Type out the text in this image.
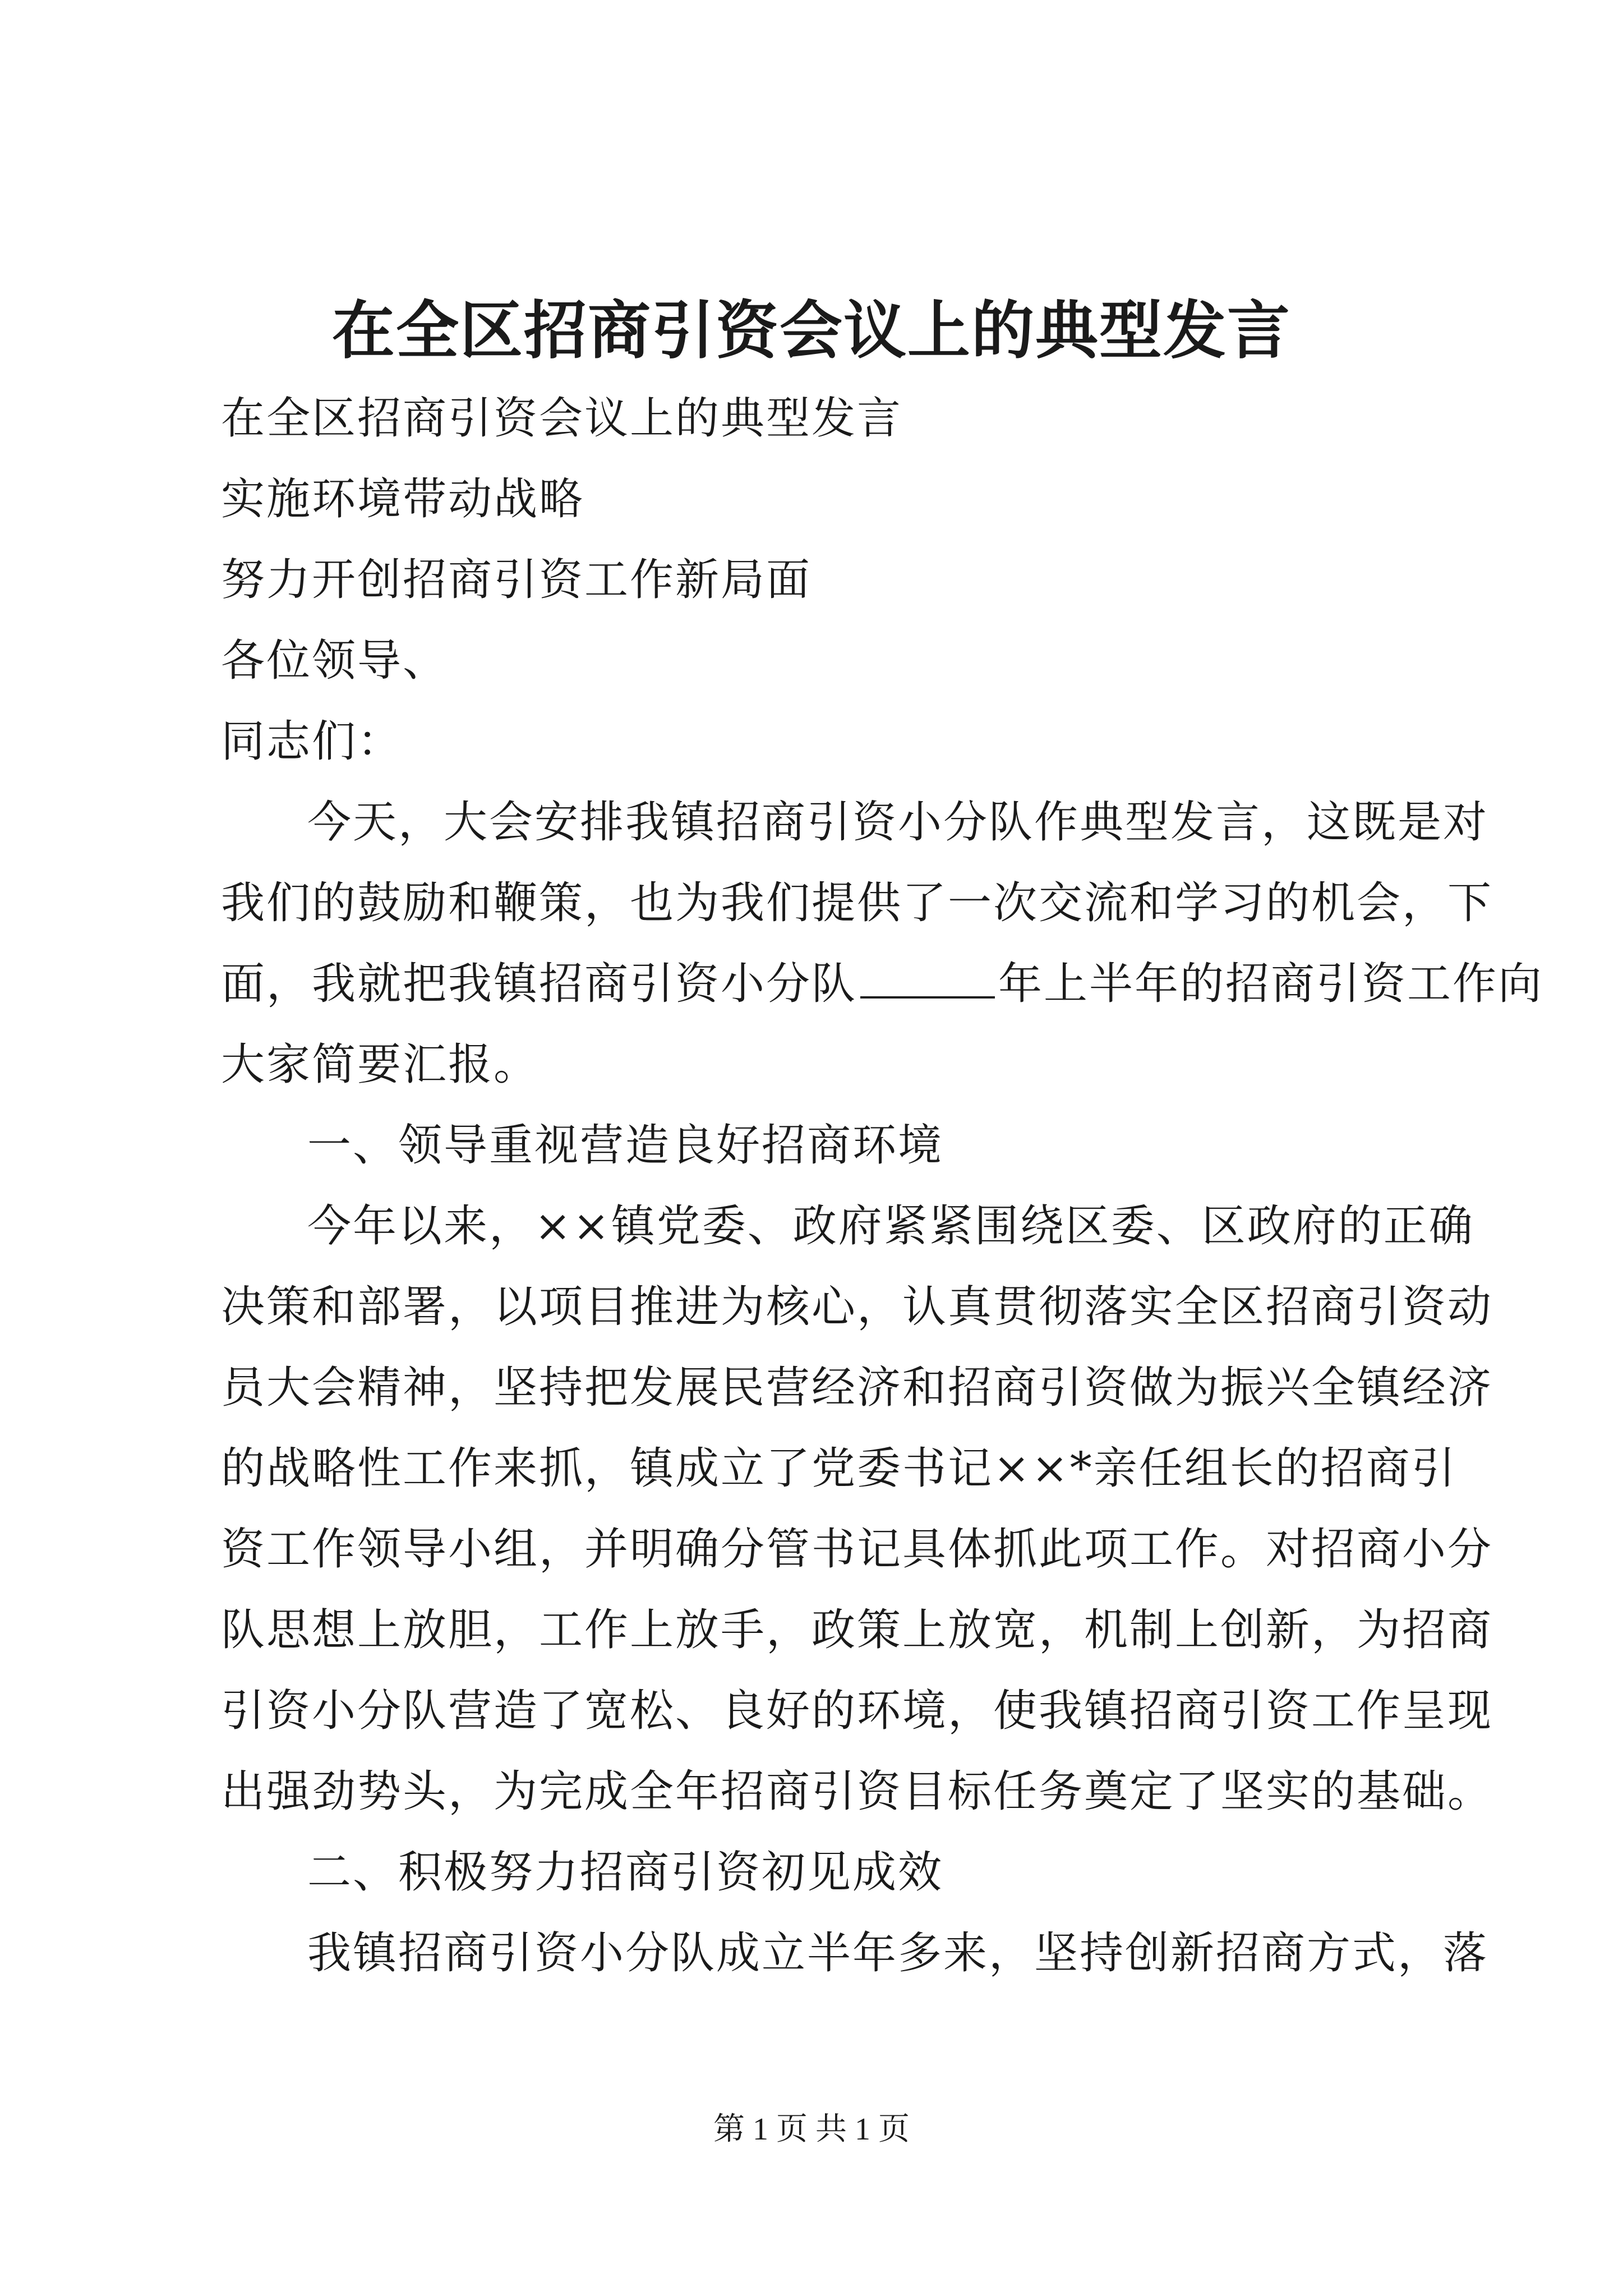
在全区招商引资会议上的典型发言
在全区招商引资会议上的典型发言
实施环境带动战略
努力开创招商引资工作新局面
各位领导、
同志们：
今天，大会安排我镇招商引资小分队作典型发言，这既是对
我们的鼓励和鞭策，也为我们提供了一次交流和学习的机会，下
面，我就把我镇招商引资小分队	年上半年的招商引资工作向
大家简要汇报。
一、领导重视营造良好招商环境
今年以来，××镇党委、政府紧紧围绕区委、区政府的正确
决策和部署，以项目推进为核心，认真贯彻落实全区招商引资动
员大会精神，坚持把发展民营经济和招商引资做为振兴全镇经济
的战略性工作来抓，镇成立了党委书记××*亲任组长的招商引
资工作领导小组，并明确分管书记具体抓此项工作。对招商小分
队思想上放胆，工作上放手，政策上放宽，机制上创新，为招商
引资小分队营造了宽松、良好的环境，使我镇招商引资工作呈现
出强劲势头，为完成全年招商引资目标任务奠定了坚实的基础。
二、积极努力招商引资初见成效
我镇招商引资小分队成立半年多来，坚持创新招商方式，落
第 1 页 共 1 页
